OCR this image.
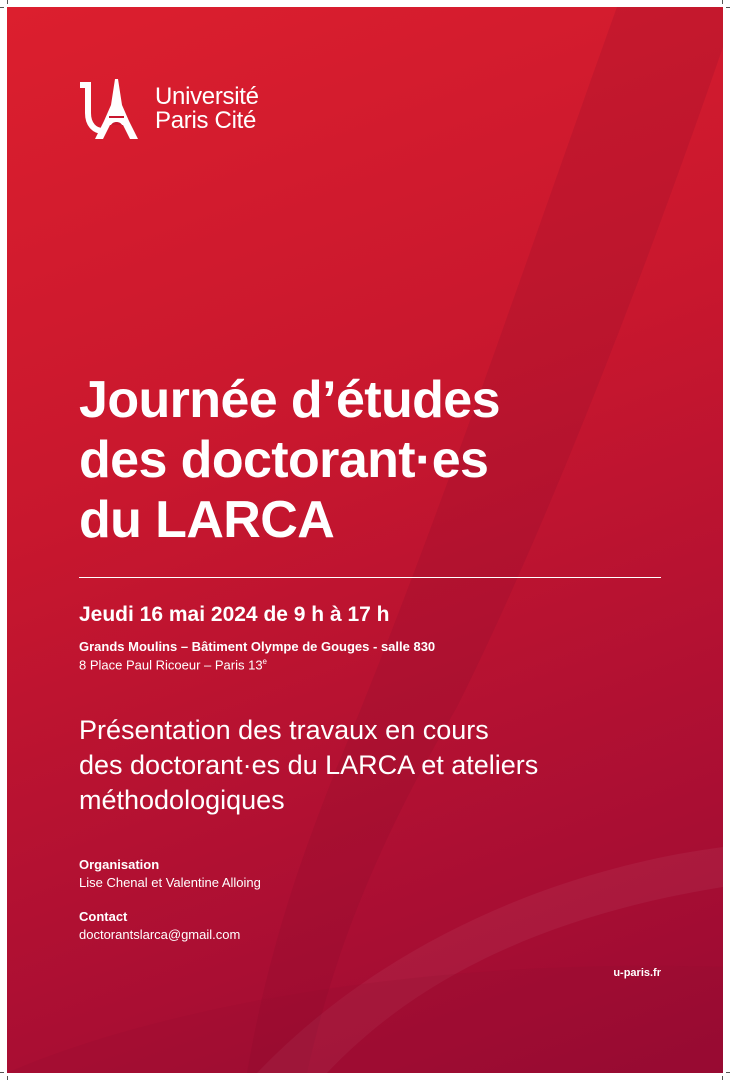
Université
Paris Cité
Journée d’études
des doctorant·es
du LARCA
Jeudi 16 mai 2024 de 9 h à 17 h
Grands Moulins – Bâtiment Olympe de Gouges - salle 830
8 Place Paul Ricoeur – Paris 13e
Présentation des travaux en cours
des doctorant·es du LARCA et ateliers
méthodologiques
Organisation
Lise Chenal et Valentine Alloing
Contact
doctorantslarca@gmail.com
u-paris.fr
